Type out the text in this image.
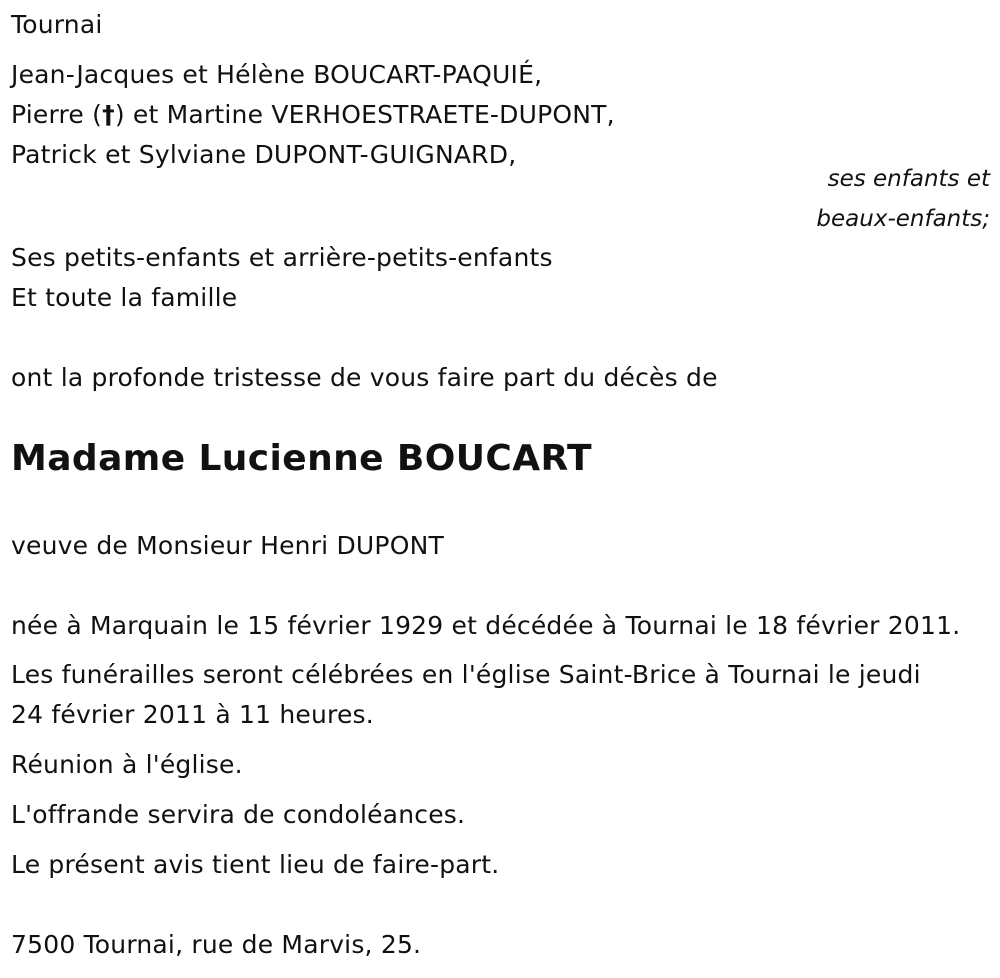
Tournai
Jean-Jacques et Hélène BOUCART-PAQUIÉ,
Pierre (†) et Martine VERHOESTRAETE-DUPONT,
Patrick et Sylviane DUPONT-GUIGNARD,
ses enfants et
beaux-enfants;
Ses petits-enfants et arrière-petits-enfants
Et toute la famille
ont la profonde tristesse de vous faire part du décès de
Madame Lucienne BOUCART
veuve de Monsieur Henri DUPONT
née à Marquain le 15 février 1929 et décédée à Tournai le 18 février 2011.
Les funérailles seront célébrées en l'église Saint-Brice à Tournai le jeudi
24 février 2011 à 11 heures.
Réunion à l'église.
L'offrande servira de condoléances.
Le présent avis tient lieu de faire-part.
7500 Tournai, rue de Marvis, 25.
